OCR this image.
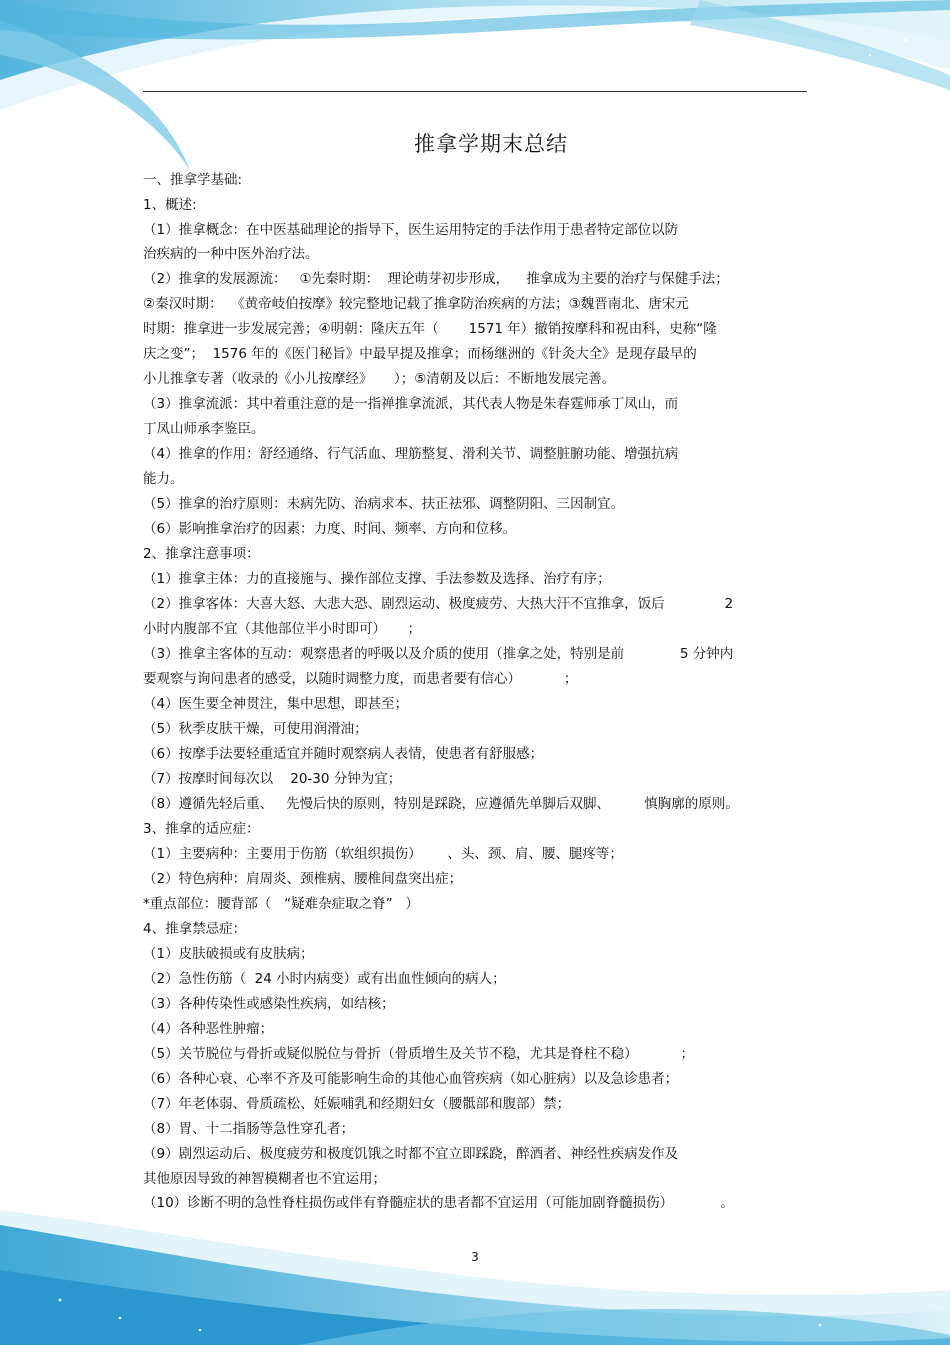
推拿学期末总结
一、推拿学基础:
1、概述:
（1）推拿概念：在中医基础理论的指导下，医生运用特定的手法作用于患者特定部位以防
治疾病的一种中医外治疗法。
（2）推拿的发展源流：   ①先秦时期：  理论萌芽初步形成，    推拿成为主要的治疗与保健手法；
②秦汉时期：  《黄帝岐伯按摩》较完整地记载了推拿防治疾病的方法；③魏晋南北、唐宋元
时期：推拿进一步发展完善；④明朝：隆庆五年（       1571 年）撤销按摩科和祝由科，史称“隆
庆之变”；  1576 年的《医门秘旨》中最早提及推拿；而杨继洲的《针灸大全》是现存最早的
小儿推拿专著（收录的《小儿按摩经》     ）；⑤清朝及以后：不断地发展完善。
（3）推拿流派：其中着重注意的是一指禅推拿流派，其代表人物是朱春霆师承丁凤山，而
丁凤山师承李鉴臣。
（4）推拿的作用：舒经通络、行气活血、理筋整复、滑利关节、调整脏腑功能、增强抗病
能力。
（5）推拿的治疗原则：未病先防、治病求本、扶正祛邪、调整阴阳、三因制宜。
（6）影响推拿治疗的因素：力度、时间、频率、方向和位移。
2、推拿注意事项：
（1）推拿主体：力的直接施与、操作部位支撑、手法参数及选择、治疗有序；
（2）推拿客体：大喜大怒、大悲大恐、剧烈运动、极度疲劳、大热大汗不宜推拿，饭后              2
小时内腹部不宜（其他部位半小时即可）     ；
（3）推拿主客体的互动：观察患者的呼吸以及介质的使用（推拿之处，特别是前             5 分钟内
要观察与询问患者的感受，以随时调整力度，而患者要有信心）          ；
（4）医生要全神贯注，集中思想，即甚至；
（5）秋季皮肤干燥，可使用润滑油；
（6）按摩手法要轻重适宜并随时观察病人表情，使患者有舒服感；
（7）按摩时间每次以    20-30 分钟为宜；
（8）遵循先轻后重、   先慢后快的原则，特别是踩跷，应遵循先单脚后双脚、        慎胸廓的原则。
3、推拿的适应症：
（1）主要病种：主要用于伤筋（软组织损伤）      、头、颈、肩、腰、腿疼等；
（2）特色病种：肩周炎、颈椎病、腰椎间盘突出症；
*重点部位：腰背部（   “疑难杂症取之脊”   ）
4、推拿禁忌症：
（1）皮肤破损或有皮肤病；
（2）急性伤筋（  24 小时内病变）或有出血性倾向的病人；
（3）各种传染性或感染性疾病，如结核；
（4）各种恶性肿瘤；
（5）关节脱位与骨折或疑似脱位与骨折（骨质增生及关节不稳，尤其是脊柱不稳）          ；
（6）各种心衰、心率不齐及可能影响生命的其他心血管疾病（如心脏病）以及急诊患者；
（7）年老体弱、骨质疏松、妊娠哺乳和经期妇女（腰骶部和腹部）禁；
（8）胃、十二指肠等急性穿孔者；
（9）剧烈运动后、极度疲劳和极度饥饿之时都不宜立即踩跷，醉酒者、神经性疾病发作及
其他原因导致的神智模糊者也不宜运用；
（10）诊断不明的急性脊柱损伤或伴有脊髓症状的患者都不宜运用（可能加剧脊髓损伤）           。
3
